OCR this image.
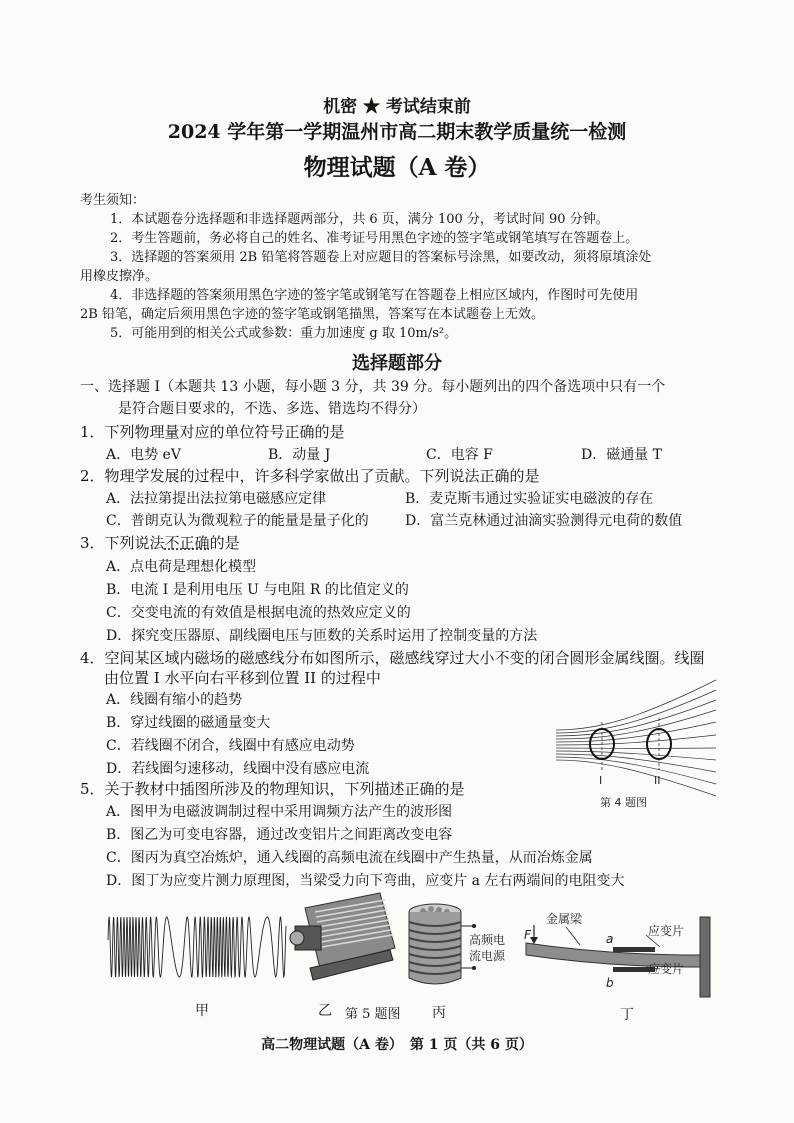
机密 ★ 考试结束前
2024 学年第一学期温州市高二期末教学质量统一检测
物理试题（A 卷）
考生须知：
1．本试题卷分选择题和非选择题两部分，共 6 页，满分 100 分，考试时间 90 分钟。
2．考生答题前，务必将自己的姓名、准考证号用黑色字迹的签字笔或钢笔填写在答题卷上。
3．选择题的答案须用 2B 铅笔将答题卷上对应题目的答案标号涂黑，如要改动，须将原填涂处
用橡皮擦净。
4．非选择题的答案须用黑色字迹的签字笔或钢笔写在答题卷上相应区域内，作图时可先使用
2B 铅笔，确定后须用黑色字迹的签字笔或钢笔描黑，答案写在本试题卷上无效。
5．可能用到的相关公式或参数：重力加速度 g 取 10m/s²。
选择题部分
一、选择题 I（本题共 13 小题，每小题 3 分，共 39 分。每小题列出的四个备选项中只有一个
是符合题目要求的，不选、多选、错选均不得分）
1．下列物理量对应的单位符号正确的是
A．电势 eV	B．动量 J	C．电容 F	D．磁通量 T
2．物理学发展的过程中，许多科学家做出了贡献。下列说法正确的是
A．法拉第提出法拉第电磁感应定律	B．麦克斯韦通过实验证实电磁波的存在
C．普朗克认为微观粒子的能量是量子化的	D．富兰克林通过油滴实验测得元电荷的数值
3．下列说法不正确的是
A．点电荷是理想化模型
B．电流 I 是利用电压 U 与电阻 R 的比值定义的
C．交变电流的有效值是根据电流的热效应定义的
D．探究变压器原、副线圈电压与匝数的关系时运用了控制变量的方法
4．空间某区域内磁场的磁感线分布如图所示，磁感线穿过大小不变的闭合圆形金属线圈。线圈
由位置 I 水平向右平移到位置 II 的过程中
A．线圈有缩小的趋势
B．穿过线圈的磁通量变大
C．若线圈不闭合，线圈中有感应电动势
D．若线圈匀速移动，线圈中没有感应电流
I	II
第 4 题图
5．关于教材中插图所涉及的物理知识，下列描述正确的是
A．图甲为电磁波调制过程中采用调频方法产生的波形图
B．图乙为可变电容器，通过改变铝片之间距离改变电容
C．图丙为真空冶炼炉，通入线圈的高频电流在线圈中产生热量，从而冶炼金属
D．图丁为应变片测力原理图，当梁受力向下弯曲，应变片 a 左右两端间的电阻变大
高频电
流电源
F
金属梁
应变片
应变片
a
b
甲	乙	丙	丁
第 5 题图
高二物理试题（A 卷）　第 1 页（共 6 页）
